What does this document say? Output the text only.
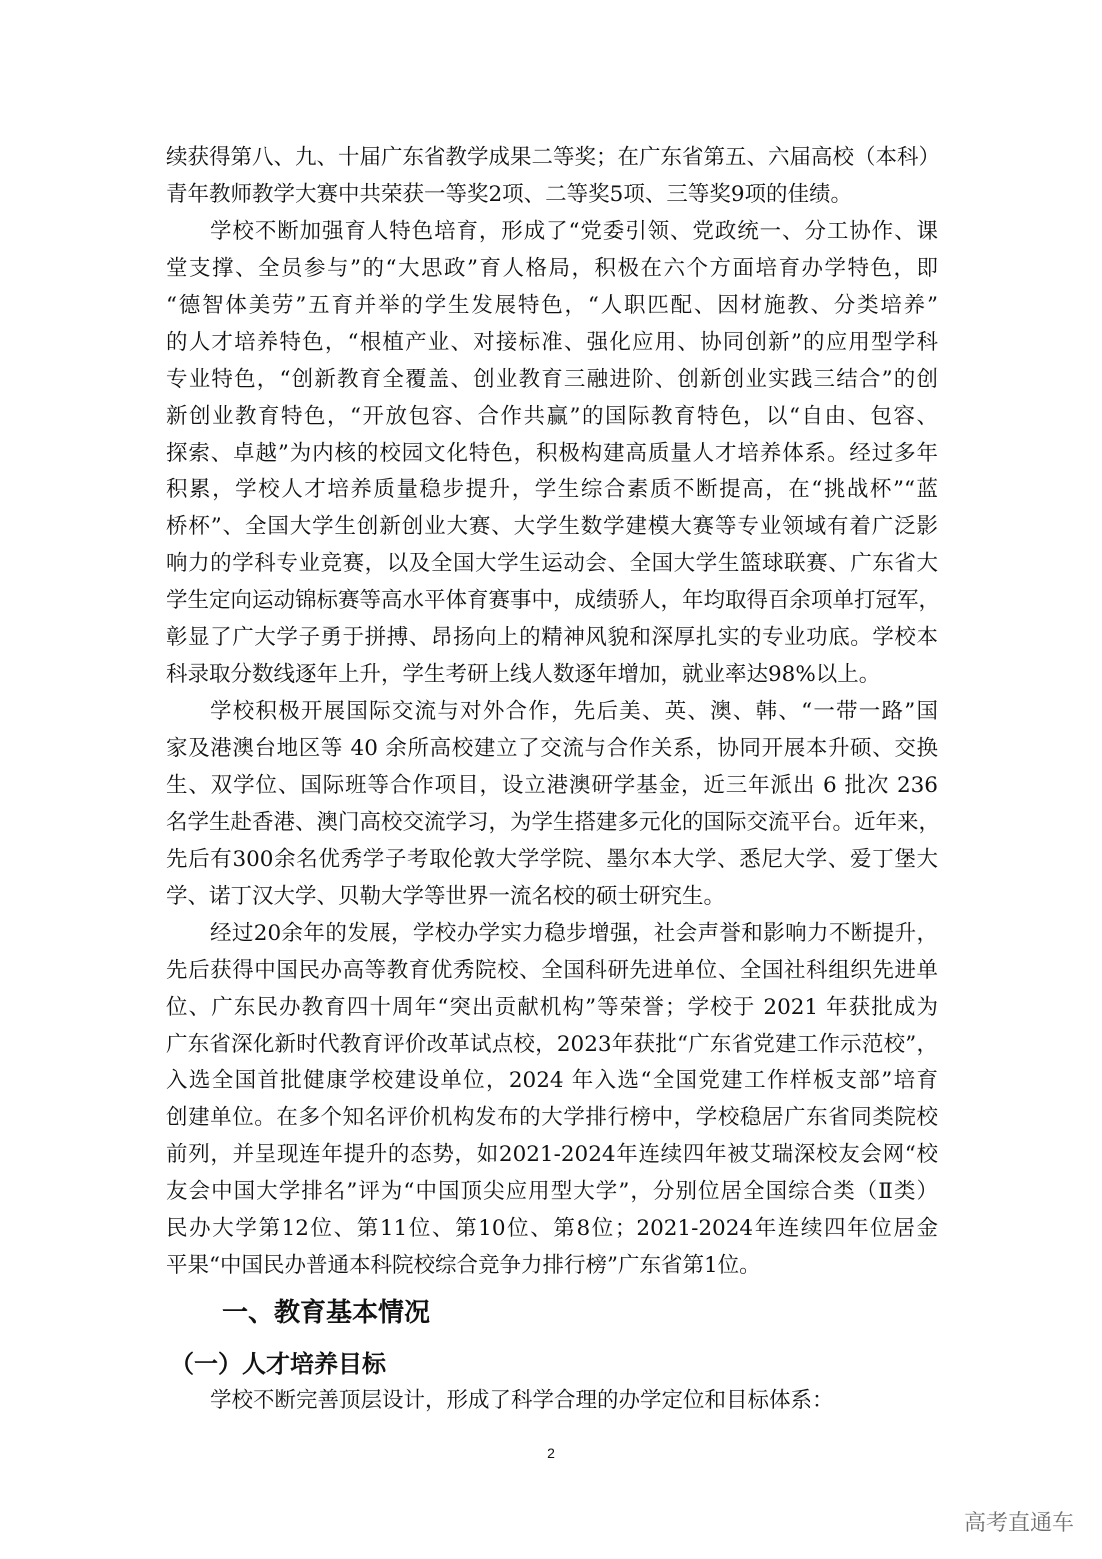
续获得第八、九、十届广东省教学成果二等奖；在广东省第五、六届高校（本科）
青年教师教学大赛中共荣获一等奖2项、二等奖5项、三等奖9项的佳绩。
学校不断加强育人特色培育，形成了“党委引领、党政统一、分工协作、课
堂支撑、全员参与”的“大思政”育人格局，积极在六个方面培育办学特色，即
“德智体美劳”五育并举的学生发展特色，“人职匹配、因材施教、分类培养”
的人才培养特色，“根植产业、对接标准、强化应用、协同创新”的应用型学科
专业特色，“创新教育全覆盖、创业教育三融进阶、创新创业实践三结合”的创
新创业教育特色，“开放包容、合作共赢”的国际教育特色，以“自由、包容、
探索、卓越”为内核的校园文化特色，积极构建高质量人才培养体系。经过多年
积累，学校人才培养质量稳步提升，学生综合素质不断提高，在“挑战杯”“蓝
桥杯”、全国大学生创新创业大赛、大学生数学建模大赛等专业领域有着广泛影
响力的学科专业竞赛，以及全国大学生运动会、全国大学生篮球联赛、广东省大
学生定向运动锦标赛等高水平体育赛事中，成绩骄人，年均取得百余项单打冠军，
彰显了广大学子勇于拼搏、昂扬向上的精神风貌和深厚扎实的专业功底。学校本
科录取分数线逐年上升，学生考研上线人数逐年增加，就业率达98%以上。
学校积极开展国际交流与对外合作，先后美、英、澳、韩、“一带一路”国
家及港澳台地区等 40 余所高校建立了交流与合作关系，协同开展本升硕、交换
生、双学位、国际班等合作项目，设立港澳研学基金，近三年派出 6 批次 236
名学生赴香港、澳门高校交流学习，为学生搭建多元化的国际交流平台。近年来，
先后有300余名优秀学子考取伦敦大学学院、墨尔本大学、悉尼大学、爱丁堡大
学、诺丁汉大学、贝勒大学等世界一流名校的硕士研究生。
经过20余年的发展，学校办学实力稳步增强，社会声誉和影响力不断提升，
先后获得中国民办高等教育优秀院校、全国科研先进单位、全国社科组织先进单
位、广东民办教育四十周年“突出贡献机构”等荣誉；学校于 2021 年获批成为
广东省深化新时代教育评价改革试点校，2023年获批“广东省党建工作示范校”，
入选全国首批健康学校建设单位，2024 年入选“全国党建工作样板支部”培育
创建单位。在多个知名评价机构发布的大学排行榜中，学校稳居广东省同类院校
前列，并呈现连年提升的态势，如2021-2024年连续四年被艾瑞深校友会网“校
友会中国大学排名”评为“中国顶尖应用型大学”，分别位居全国综合类（Ⅱ类）
民办大学第12位、第11位、第10位、第8位；2021-2024年连续四年位居金
平果“中国民办普通本科院校综合竞争力排行榜”广东省第1位。
一、教育基本情况
（一）人才培养目标
学校不断完善顶层设计，形成了科学合理的办学定位和目标体系：
2
高考直通车
